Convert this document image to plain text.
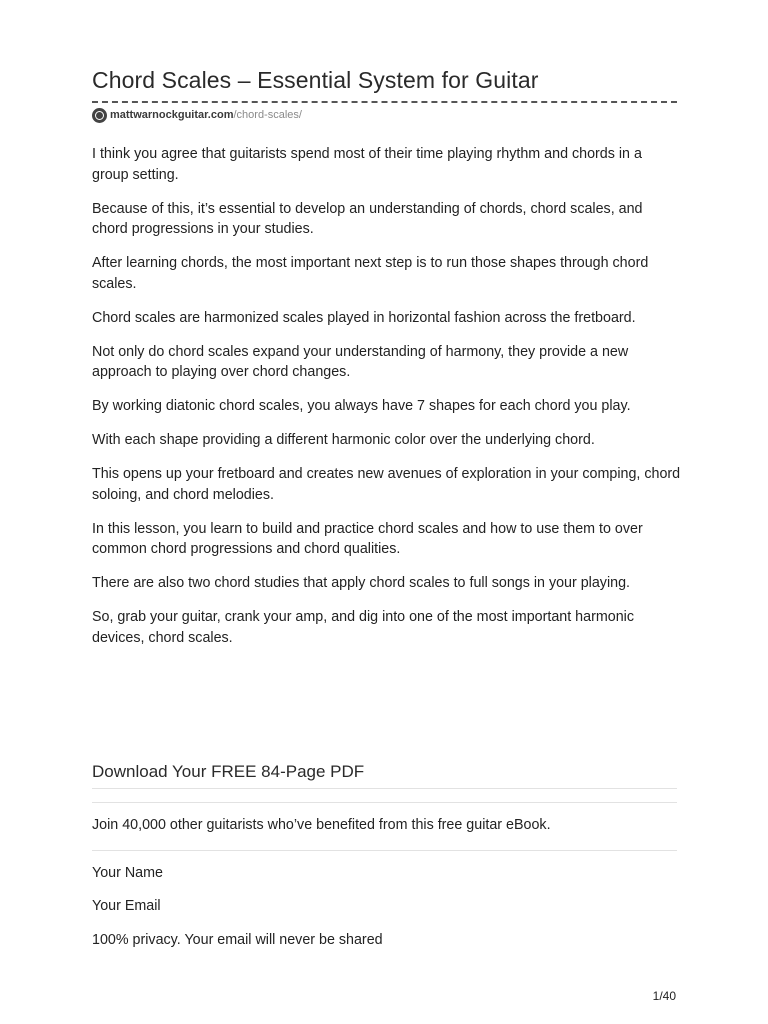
Chord Scales – Essential System for Guitar
mattwarnockguitar.com /chord-scales/

I think you agree that guitarists spend most of their time playing rhythm and chords in a group setting.

Because of this, it’s essential to develop an understanding of chords, chord scales, and chord progressions in your studies.

After learning chords, the most important next step is to run those shapes through chord scales.

Chord scales are harmonized scales played in horizontal fashion across the fretboard.

Not only do chord scales expand your understanding of harmony, they provide a new approach to playing over chord changes.

By working diatonic chord scales, you always have 7 shapes for each chord you play.

With each shape providing a different harmonic color over the underlying chord.

This opens up your fretboard and creates new avenues of exploration in your comping, chord soloing, and chord melodies.

In this lesson, you learn to build and practice chord scales and how to use them to over common chord progressions and chord qualities.

There are also two chord studies that apply chord scales to full songs in your playing.

So, grab your guitar, crank your amp, and dig into one of the most important harmonic devices, chord scales.

Download Your FREE 84-Page PDF

Join 40,000 other guitarists who’ve benefited from this free guitar eBook.

Your Name

Your Email

100% privacy. Your email will never be shared

1/40
